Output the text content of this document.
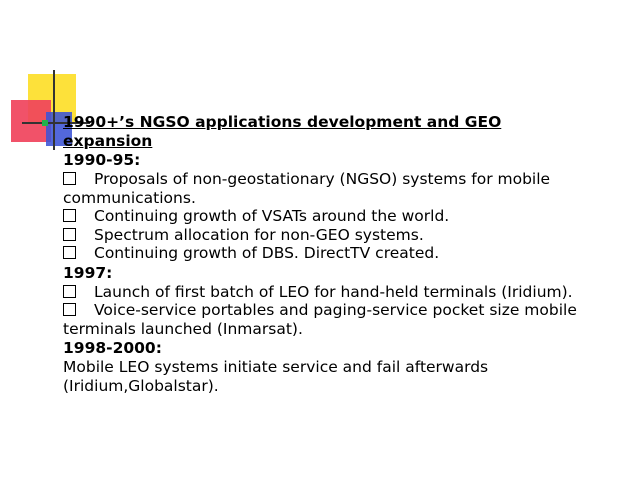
1990+’s NGSO applications development and GEO
expansion
1990-95:
Proposals of non-geostationary (NGSO) systems for mobile communications.
Continuing growth of VSATs around the world.
Spectrum allocation for non-GEO systems.
Continuing growth of DBS. DirectTV created.
1997:
Launch of first batch of LEO for hand-held terminals (Iridium).
Voice-service portables and paging-service pocket size mobile terminals launched (Inmarsat).
1998-2000:
Mobile LEO systems initiate service and fail afterwards (Iridium,Globalstar).
